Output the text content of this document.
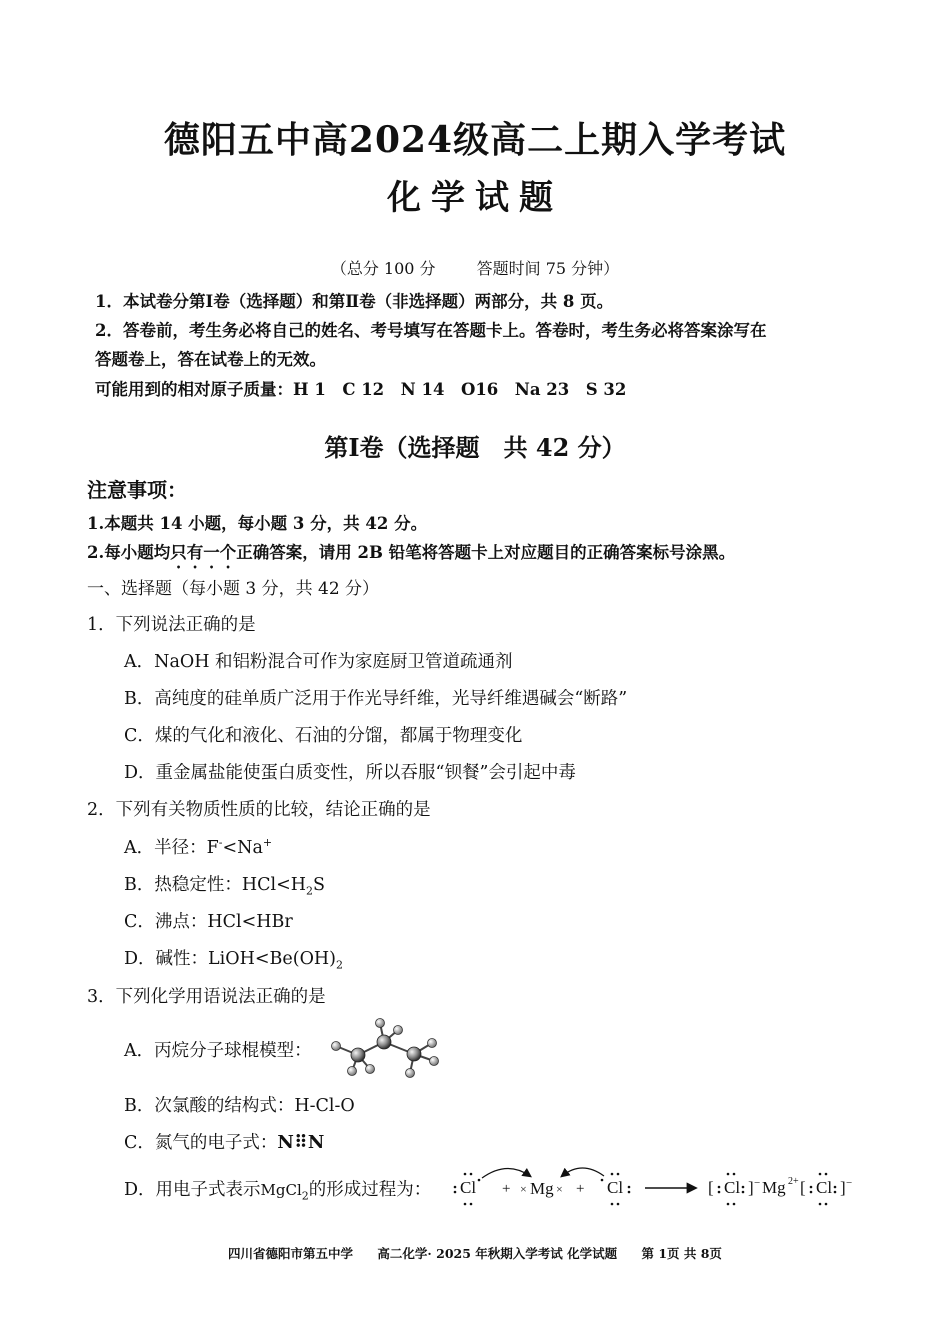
德阳五中高2024级高二上期入学考试
化学试题
（总分 100 分	答题时间 75 分钟）
1．本试卷分第Ⅰ卷（选择题）和第Ⅱ卷（非选择题）两部分，共 8 页。
2．答卷前，考生务必将自己的姓名、考号填写在答题卡上。答卷时，考生务必将答案涂写在
答题卷上，答在试卷上的无效。
可能用到的相对原子质量：H 1　C 12　N 14　O16　Na 23　S 32
第Ⅰ卷（选择题　共 42 分）
注意事项：
1.本题共 14 小题，每小题 3 分，共 42 分。
2.每小题均只有一个正确答案，请用 2B 铅笔将答题卡上对应题目的正确答案标号涂黑。
一、选择题（每小题 3 分，共 42 分）
1．下列说法正确的是
A．NaOH 和铝粉混合可作为家庭厨卫管道疏通剂
B．高纯度的硅单质广泛用于作光导纤维，光导纤维遇碱会“断路”
C．煤的气化和液化、石油的分馏，都属于物理变化
D．重金属盐能使蛋白质变性，所以吞服“钡餐”会引起中毒
2．下列有关物质性质的比较，结论正确的是
A．半径：F-<Na+
B．热稳定性：$HCl<H_2S$
C．沸点：HCl<HBr
D．碱性：$LiOH<Be(OH)_2$
3．下列化学用语说法正确的是
A．丙烷分子球棍模型：
B．次氯酸的结构式：H-Cl-O
C．氮气的电子式：N⠿N
D．用电子式表示MgCl$_2$的形成过程为： Cl + × Mg × + Cl	[ Cl ] − Mg 2+ [ Cl ] −
四川省德阳市第五中学 高二化学· 2025 年秋期入学考试 化学试题 第 1页 共 8页
